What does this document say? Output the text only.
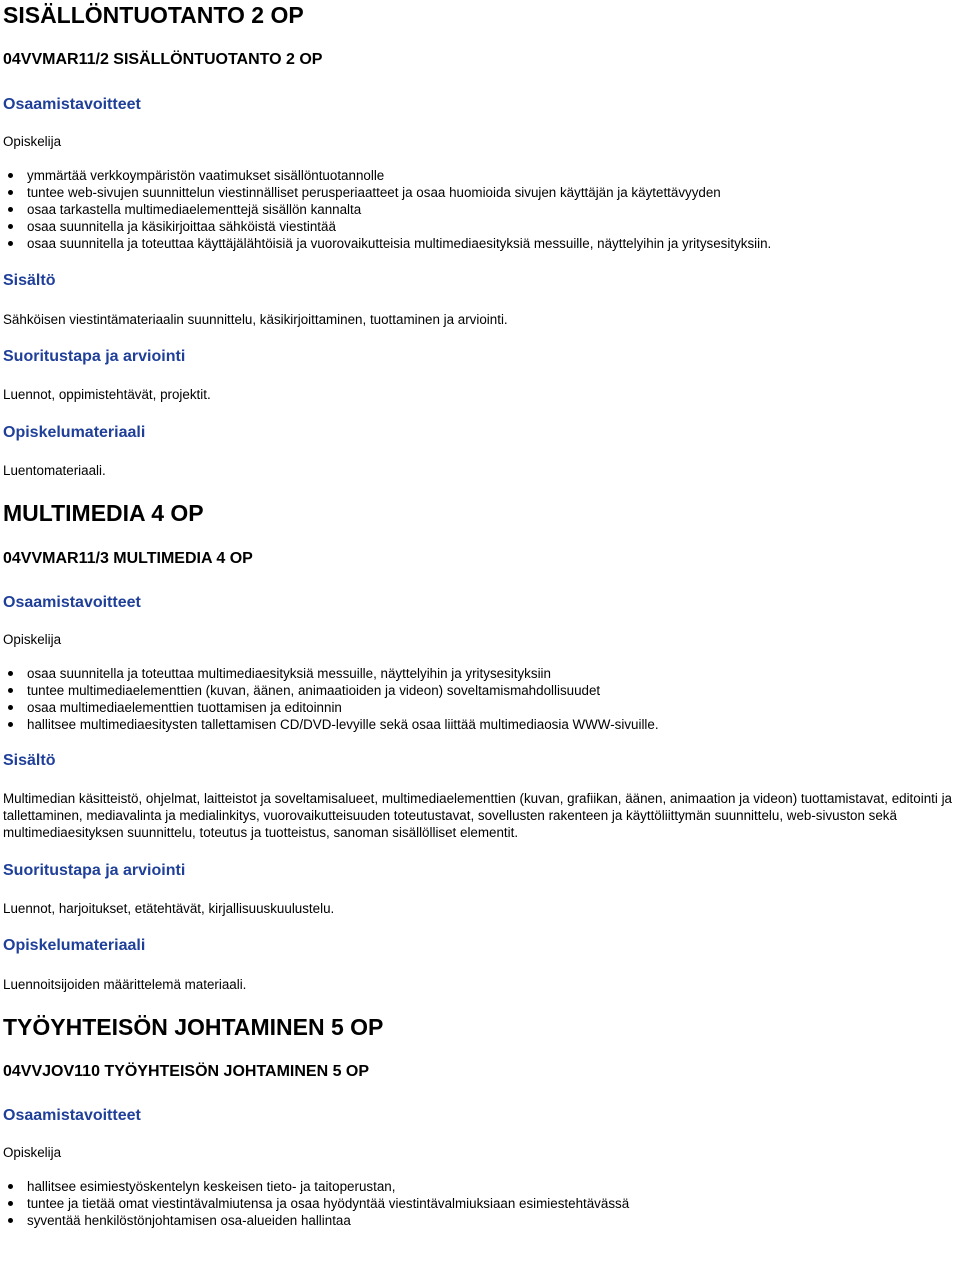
SISÄLLÖNTUOTANTO 2 OP
04VVMAR11/2 SISÄLLÖNTUOTANTO 2 OP
Osaamistavoitteet

Opiskelija

ymmärtää verkkoympäristön vaatimukset sisällöntuotannolle
tuntee web-sivujen suunnittelun viestinnälliset perusperiaatteet ja osaa huomioida sivujen käyttäjän ja käytettävyyden
osaa tarkastella multimediaelementtejä sisällön kannalta
osaa suunnitella ja käsikirjoittaa sähköistä viestintää
osaa suunnitella ja toteuttaa käyttäjälähtöisiä ja vuorovaikutteisia multimediaesityksiä messuille, näyttelyihin ja yritysesityksiin.
Sisältö

Sähköisen viestintämateriaalin suunnittelu, käsikirjoittaminen, tuottaminen ja arviointi.

Suoritustapa ja arviointi

Luennot, oppimistehtävät, projektit.

Opiskelumateriaali

Luentomateriaali.

MULTIMEDIA 4 OP
04VVMAR11/3 MULTIMEDIA 4 OP
Osaamistavoitteet

Opiskelija

osaa suunnitella ja toteuttaa multimediaesityksiä messuille, näyttelyihin ja yritysesityksiin
tuntee multimediaelementtien (kuvan, äänen, animaatioiden ja videon) soveltamismahdollisuudet
osaa multimediaelementtien tuottamisen ja editoinnin
hallitsee multimediaesitysten tallettamisen CD/DVD-levyille sekä osaa liittää multimediaosia WWW-sivuille.
Sisältö

Multimedian käsitteistö, ohjelmat, laitteistot ja soveltamisalueet, multimediaelementtien (kuvan, grafiikan, äänen, animaation ja videon) tuottamistavat, editointi ja tallettaminen, mediavalinta ja medialinkitys, vuorovaikutteisuuden toteutustavat, sovellusten rakenteen ja käyttöliittymän suunnittelu, web-sivuston sekä multimediaesityksen suunnittelu, toteutus ja tuotteistus, sanoman sisällölliset elementit.

Suoritustapa ja arviointi

Luennot, harjoitukset, etätehtävät, kirjallisuuskuulustelu.

Opiskelumateriaali

Luennoitsijoiden määrittelemä materiaali.

TYÖYHTEISÖN JOHTAMINEN 5 OP
04VVJOV110 TYÖYHTEISÖN JOHTAMINEN 5 OP
Osaamistavoitteet

Opiskelija

hallitsee esimiestyöskentelyn keskeisen tieto- ja taitoperustan,
tuntee ja tietää omat viestintävalmiutensa ja osaa hyödyntää viestintävalmiuksiaan esimiestehtävässä
syventää henkilöstönjohtamisen osa-alueiden hallintaa
